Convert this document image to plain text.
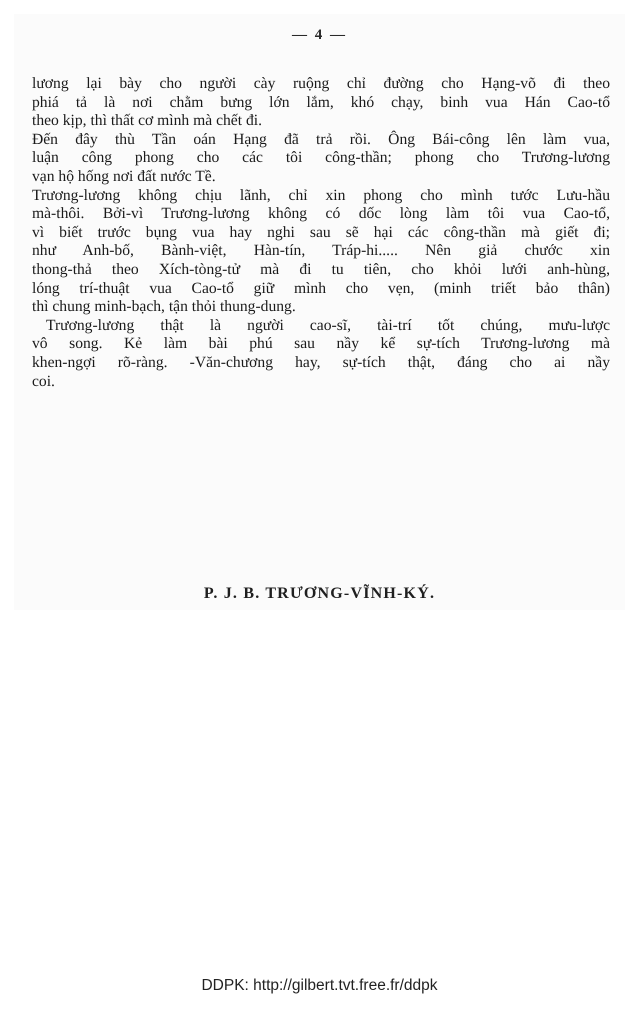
— 4 —
lương lại bày cho người cày ruộng chỉ đường cho Hạng-võ đi theo
phiá tả là nơi chằm bưng lớn lắm, khó chạy, binh vua Hán Cao-tổ
theo kịp, thì thất cơ mình mà chết đi.
Đến đây thù Tần oán Hạng đã trả rồi. Ông Bái-công lên làm vua,
luận công phong cho các tôi công-thần; phong cho Trương-lương
vạn hộ hống nơi đất nước Tề.
Trương-lương không chịu lãnh, chỉ xin phong cho mình tước Lưu-hầu
mà-thôi. Bởi-vì Trương-lương không có dốc lòng làm tôi vua Cao-tổ,
vì biết trước bụng vua hay nghi sau sẽ hại các công-thần mà giết đi;
như Anh-bố, Bành-việt, Hàn-tín, Tráp-hi..... Nên giả chước xin
thong-thả theo Xích-tòng-tử mà đi tu tiên, cho khỏi lưới anh-hùng,
lóng trí-thuật vua Cao-tổ giữ mình cho vẹn, (minh triết bảo thân)
thì chung minh-bạch, tận thỏi thung-dung.
Trương-lương thật là người cao-sĩ, tài-trí tốt chúng, mưu-lược
vô song. Kẻ làm bài phú sau nầy kể sự-tích Trương-lương mà
khen-ngợi rõ-ràng. -Văn-chương hay, sự-tích thật, đáng cho ai nầy
coi.
P. J. B. TRƯƠNG-VĨNH-KÝ.
DDPK: http://gilbert.tvt.free.fr/ddpk
